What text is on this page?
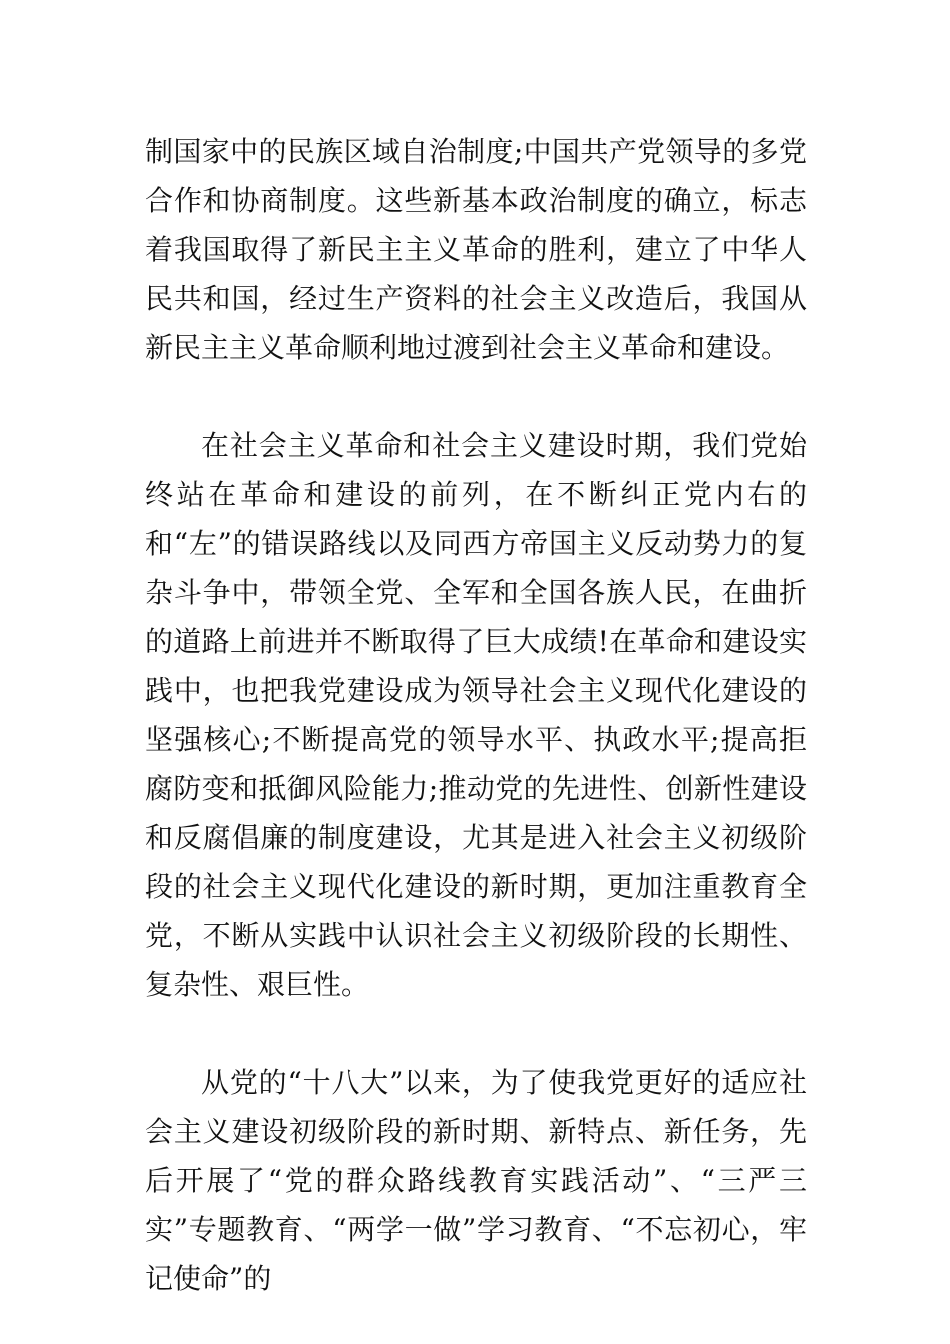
制国家中的民族区域自治制度;中国共产党领导的多党合作和协商制度。这些新基本政治制度的确立，标志着我国取得了新民主主义革命的胜利，建立了中华人民共和国，经过生产资料的社会主义改造后，我国从新民主主义革命顺利地过渡到社会主义革命和建设。

在社会主义革命和社会主义建设时期，我们党始终站在革命和建设的前列，在不断纠正党内右的和“左”的错误路线以及同西方帝国主义反动势力的复杂斗争中，带领全党、全军和全国各族人民，在曲折的道路上前进并不断取得了巨大成绩!在革命和建设实践中，也把我党建设成为领导社会主义现代化建设的坚强核心;不断提高党的领导水平、执政水平;提高拒腐防变和抵御风险能力;推动党的先进性、创新性建设和反腐倡廉的制度建设，尤其是进入社会主义初级阶段的社会主义现代化建设的新时期，更加注重教育全党，不断从实践中认识社会主义初级阶段的长期性、复杂性、艰巨性。

从党的“十八大”以来，为了使我党更好的适应社会主义建设初级阶段的新时期、新特点、新任务，先后开展了“党的群众路线教育实践活动”、“三严三实”专题教育、“两学一做”学习教育、“不忘初心，牢记使命”的
